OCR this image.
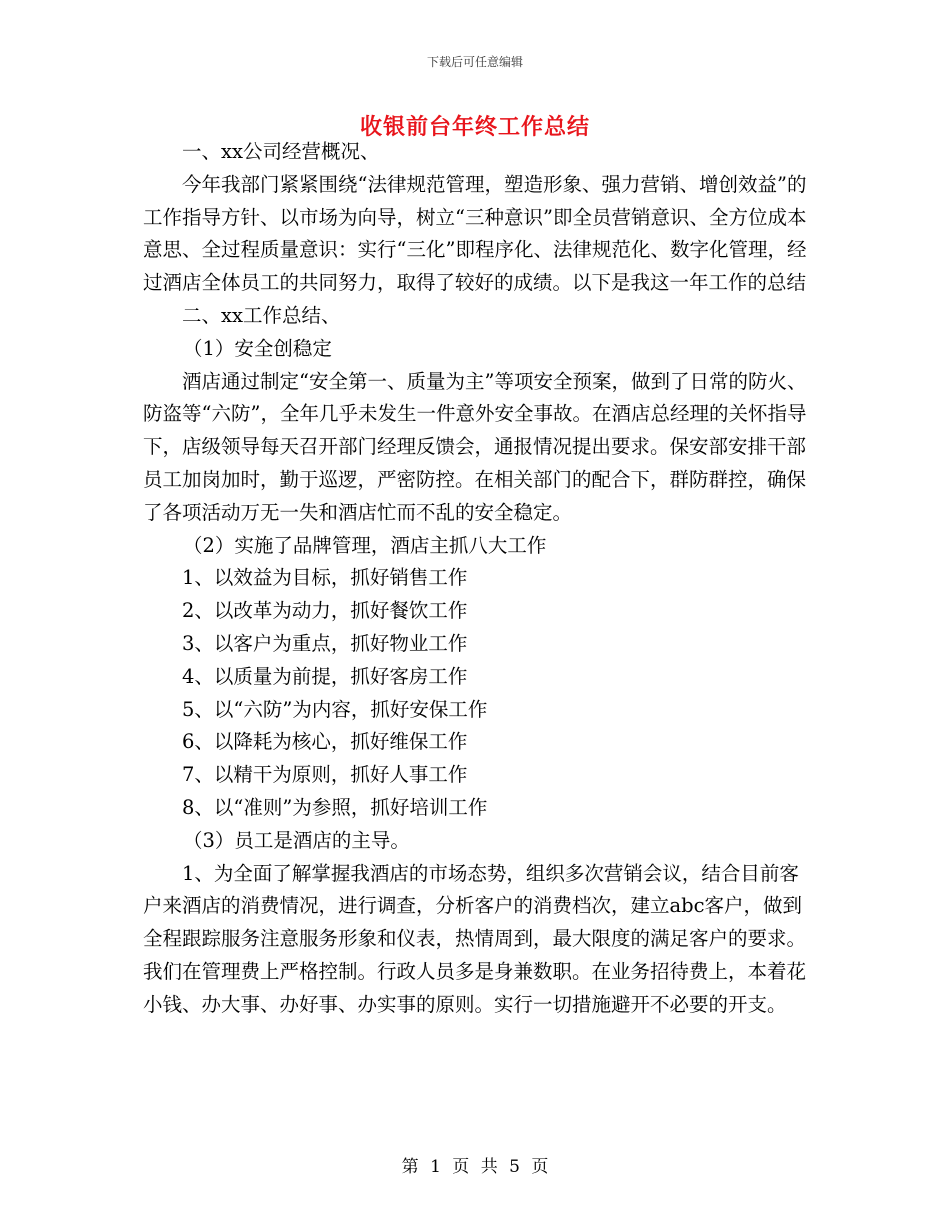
下载后可任意编辑
收银前台年终工作总结

一、xx公司经营概况、

今年我部门紧紧围绕“法律规范管理，塑造形象、强力营销、增创效益”的工作指导方针、以市场为向导，树立“三种意识”即全员营销意识、全方位成本意思、全过程质量意识：实行“三化”即程序化、法律规范化、数字化管理，经过酒店全体员工的共同努力，取得了较好的成绩。以下是我这一年工作的总结

二、xx工作总结、

（1）安全创稳定

酒店通过制定“安全第一、质量为主”等项安全预案，做到了日常的防火、防盗等“六防”，全年几乎未发生一件意外安全事故。在酒店总经理的关怀指导下，店级领导每天召开部门经理反馈会，通报情况提出要求。保安部安排干部员工加岗加时，勤于巡逻，严密防控。在相关部门的配合下，群防群控，确保了各项活动万无一失和酒店忙而不乱的安全稳定。

（2）实施了品牌管理，酒店主抓八大工作

1、以效益为目标，抓好销售工作

2、以改革为动力，抓好餐饮工作

3、以客户为重点，抓好物业工作

4、以质量为前提，抓好客房工作

5、以“六防”为内容，抓好安保工作

6、以降耗为核心，抓好维保工作

7、以精干为原则，抓好人事工作

8、以“准则”为参照，抓好培训工作

（3）员工是酒店的主导。

1、为全面了解掌握我酒店的市场态势，组织多次营销会议，结合目前客户来酒店的消费情况，进行调查，分析客户的消费档次，建立abc客户，做到全程跟踪服务注意服务形象和仪表，热情周到，最大限度的满足客户的要求。我们在管理费上严格控制。行政人员多是身兼数职。在业务招待费上，本着花小钱、办大事、办好事、办实事的原则。实行一切措施避开不必要的开支。

第 1 页 共 5 页
